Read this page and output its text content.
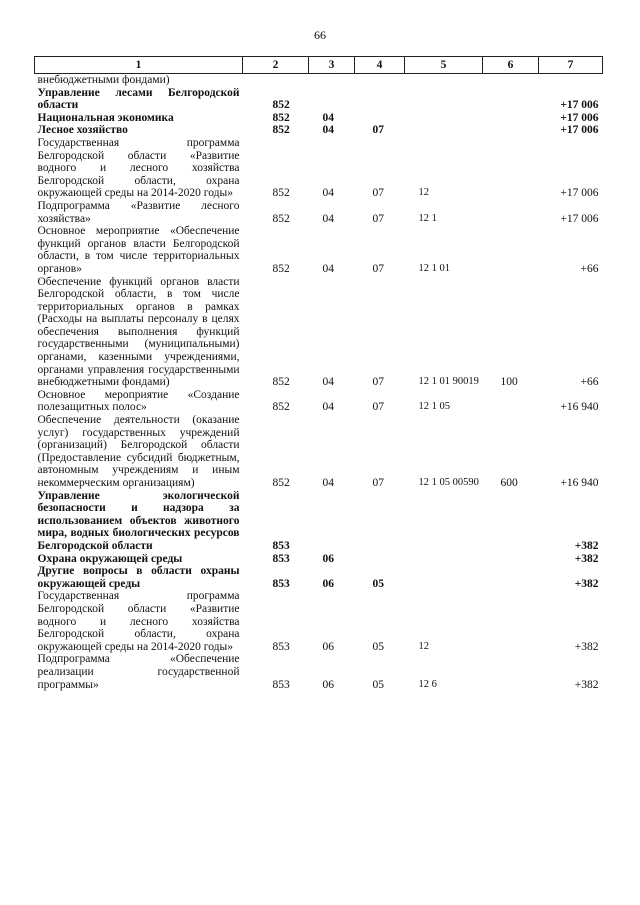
66
1	2	3	4	5	6	7
внебюджетными фондами)						
Управление лесами Белгородской области	852					+17 006
Национальная экономика	852	04				+17 006
Лесное хозяйство	852	04	07			+17 006
Государственная программа Белгородской области «Развитие водного и лесного хозяйства Белгородской области, охрана окружающей среды на 2014-2020 годы»	852	04	07	12		+17 006
Подпрограмма «Развитие лесного хозяйства»	852	04	07	12 1		+17 006
Основное мероприятие «Обеспечение функций органов власти Белгородской области, в том числе территориальных органов»	852	04	07	12 1 01		+66
Обеспечение функций органов власти Белгородской области, в том числе территориальных органов в рамках (Расходы на выплаты персоналу в целях обеспечения выполнения функций государственными (муниципальными) органами, казенными учреждениями, органами управления государственными внебюджетными фондами)	852	04	07	12 1 01 90019	100	+66
Основное мероприятие «Создание полезащитных полос»	852	04	07	12 1 05		+16 940
Обеспечение деятельности (оказание услуг) государственных учреждений (организаций) Белгородской области (Предоставление субсидий бюджетным, автономным учреждениям и иным некоммерческим организациям)	852	04	07	12 1 05 00590	600	+16 940
Управление экологической безопасности и надзора за использованием объектов животного мира, водных биологических ресурсов Белгородской области	853					+382
Охрана окружающей среды	853	06				+382
Другие вопросы в области охраны окружающей среды	853	06	05			+382
Государственная программа Белгородской области «Развитие водного и лесного хозяйства Белгородской области, охрана окружающей среды на 2014-2020 годы»	853	06	05	12		+382
Подпрограмма «Обеспечение реализации государственной программы»	853	06	05	12 6		+382
